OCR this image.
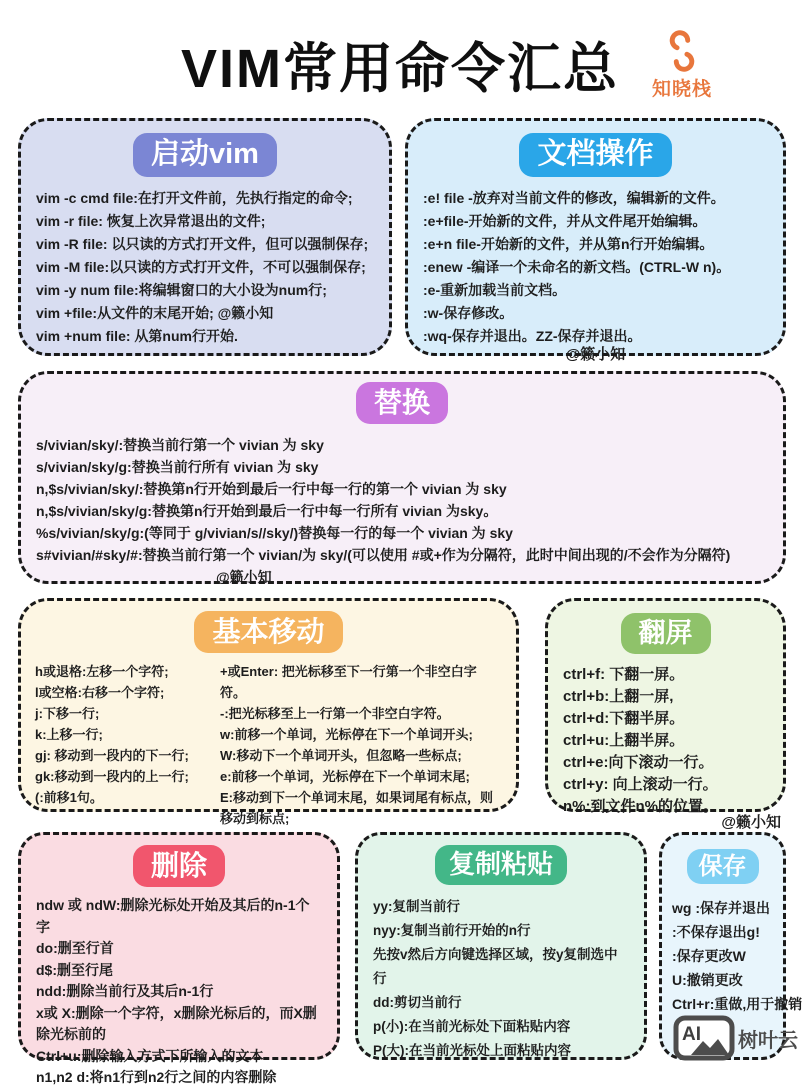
VIM常用命令汇总	知晓栈
启动vim
vim -c cmd file:在打开文件前，先执行指定的命令;
vim -r file: 恢复上次异常退出的文件;
vim -R file: 以只读的方式打开文件，但可以强制保存;
vim -M file:以只读的方式打开文件，不可以强制保存;
vim -y num file:将编辑窗口的大小设为num行;
vim +file:从文件的末尾开始; @籁小知
vim +num file: 从第num行开始.
文档操作
:e! file -放弃对当前文件的修改，编辑新的文件。
:e+file-开始新的文件，并从文件尾开始编辑。
:e+n file-开始新的文件，并从第n行开始编辑。
:enew -编译一个未命名的新文档。(CTRL-W n)。
:e-重新加载当前文档。
:w-保存修改。
:wq-保存并退出。ZZ-保存并退出。
@籁小知
替换
s/vivian/sky/:替换当前行第一个 vivian 为 sky
s/vivian/sky/g:替换当前行所有 vivian 为 sky
n,$s/vivian/sky/:替换第n行开始到最后一行中每一行的第一个 vivian 为 sky
n,$s/vivian/sky/g:替换第n行开始到最后一行中每一行所有 vivian 为sky。
%s/vivian/sky/g:(等同于 g/vivian/s//sky/)替换每一行的每一个 vivian 为 sky
s#vivian/#sky/#:替换当前行第一个 vivian/为 sky/(可以使用 #或+作为分隔符，此时中间出现的/不会作为分隔符)
@籁小知
基本移动
h或退格:左移一个字符;
l或空格:右移一个字符;
j:下移一行;
k:上移一行;
gj: 移动到一段内的下一行;
gk:移动到一段内的上一行;
(:前移1句。
+或Enter: 把光标移至下一行第一个非空白字符。
-:把光标移至上一行第一个非空白字符。
w:前移一个单词，光标停在下一个单词开头;
W:移动下一个单词开头，但忽略一些标点;
e:前移一个单词，光标停在下一个单词末尾;
E:移动到下一个单词末尾，如果词尾有标点，则移动到标点;
翻屏
ctrl+f: 下翻一屏。
ctrl+b:上翻一屏,
ctrl+d:下翻半屏。
ctrl+u:上翻半屏。
ctrl+e:向下滚动一行。
ctrl+y: 向上滚动一行。
n%:到文件n%的位置。
@籁小知
删除
ndw 或 ndW:删除光标处开始及其后的n-1个字
do:删至行首
d$:删至行尾
ndd:删除当前行及其后n-1行
x或 X:删除一个字符，x删除光标后的，而X删除光标前的
Ctrl+u:删除输入方式下所输入的文本
n1,n2 d:将n1行到n2行之间的内容删除
复制粘贴
yy:复制当前行
nyy:复制当前行开始的n行
先按v然后方向键选择区域，按y复制选中行
dd:剪切当前行
p(小):在当前光标处下面粘贴内容
P(大):在当前光标处上面粘贴内容
保存
wg :保存并退出
:不保存退出g!
:保存更改W
U:撤销更改
Ctrl+r:重做,用于撤销
AI 树叶云
